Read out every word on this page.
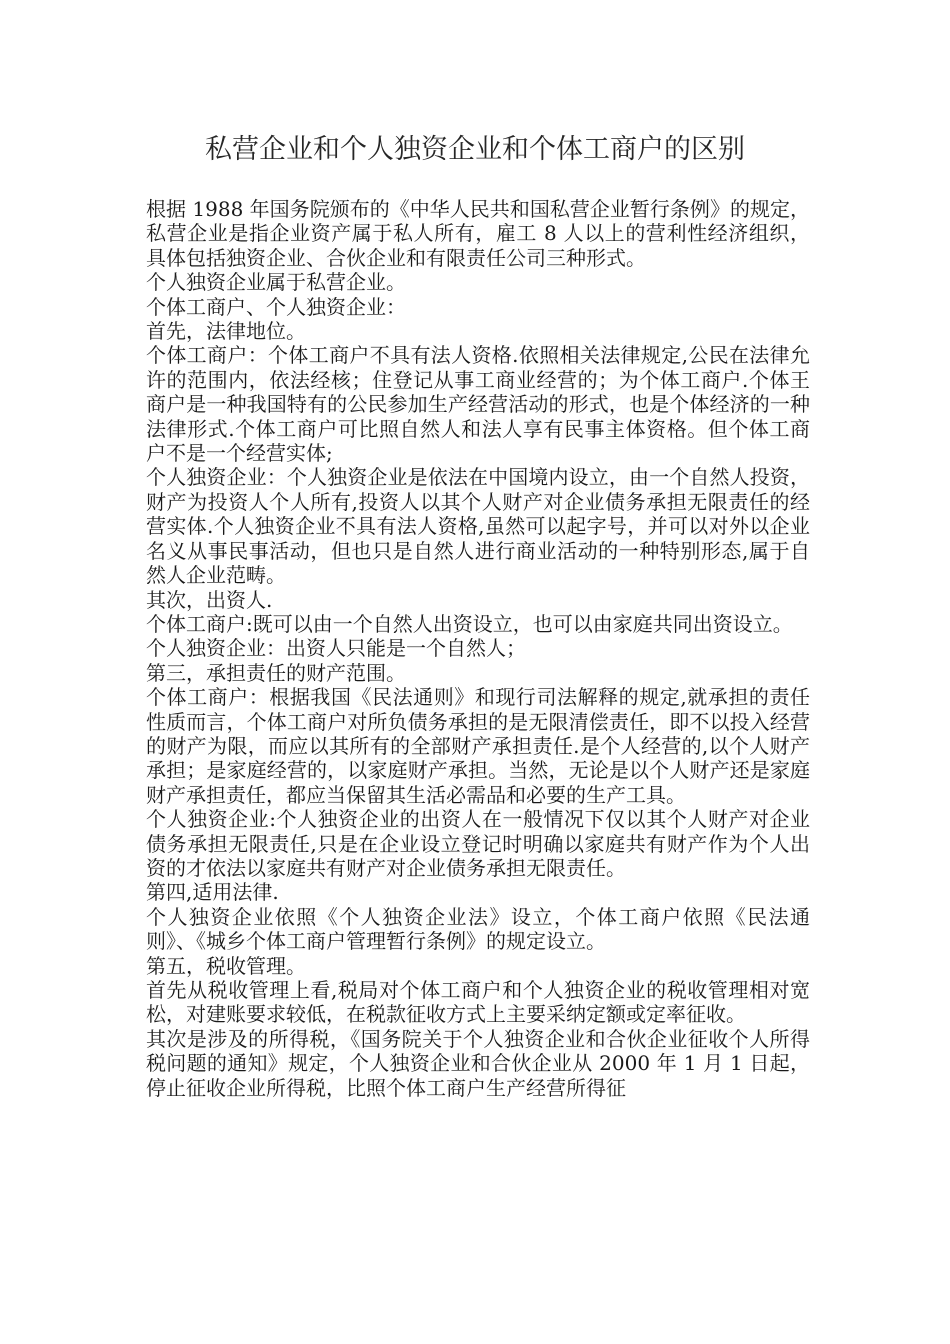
私营企业和个人独资企业和个体工商户的区别

根据 1988 年国务院颁布的《中华人民共和国私营企业暂行条例》的规定，私营企业是指企业资产属于私人所有，雇工 8 人以上的营利性经济组织，具体包括独资企业、合伙企业和有限责任公司三种形式。

个人独资企业属于私营企业。

个体工商户、个人独资企业：

首先，法律地位。

个体工商户：个体工商户不具有法人资格.依照相关法律规定,公民在法律允许的范围内，依法经核；住登记从事工商业经营的；为个体工商户.个体王商户是一种我国特有的公民参加生产经营活动的形式，也是个体经济的一种法律形式.个体工商户可比照自然人和法人享有民事主体资格。但个体工商户不是一个经营实体;

个人独资企业：个人独资企业是依法在中国境内设立，由一个自然人投资，财产为投资人个人所有,投资人以其个人财产对企业债务承担无限责任的经营实体.个人独资企业不具有法人资格,虽然可以起字号，并可以对外以企业名义从事民事活动，但也只是自然人进行商业活动的一种特别形态,属于自然人企业范畴。

其次，出资人.

个体工商户:既可以由一个自然人出资设立，也可以由家庭共同出资设立。

个人独资企业：出资人只能是一个自然人；

第三，承担责任的财产范围。

个体工商户：根据我国《民法通则》和现行司法解释的规定,就承担的责任性质而言，个体工商户对所负债务承担的是无限清偿责任，即不以投入经营的财产为限，而应以其所有的全部财产承担责任.是个人经营的,以个人财产承担；是家庭经营的，以家庭财产承担。当然，无论是以个人财产还是家庭财产承担责任，都应当保留其生活必需品和必要的生产工具。

个人独资企业:个人独资企业的出资人在一般情况下仅以其个人财产对企业债务承担无限责任,只是在企业设立登记时明确以家庭共有财产作为个人出资的才依法以家庭共有财产对企业债务承担无限责任。

第四,适用法律.

个人独资企业依照《个人独资企业法》设立，个体工商户依照《民法通则》、《城乡个体工商户管理暂行条例》的规定设立。

第五，税收管理。

首先从税收管理上看,税局对个体工商户和个人独资企业的税收管理相对宽松，对建账要求较低，在税款征收方式上主要采纳定额或定率征收。

其次是涉及的所得税，《国务院关于个人独资企业和合伙企业征收个人所得税问题的通知》规定，个人独资企业和合伙企业从 2000 年 1 月 1 日起，停止征收企业所得税，比照个体工商户生产经营所得征
